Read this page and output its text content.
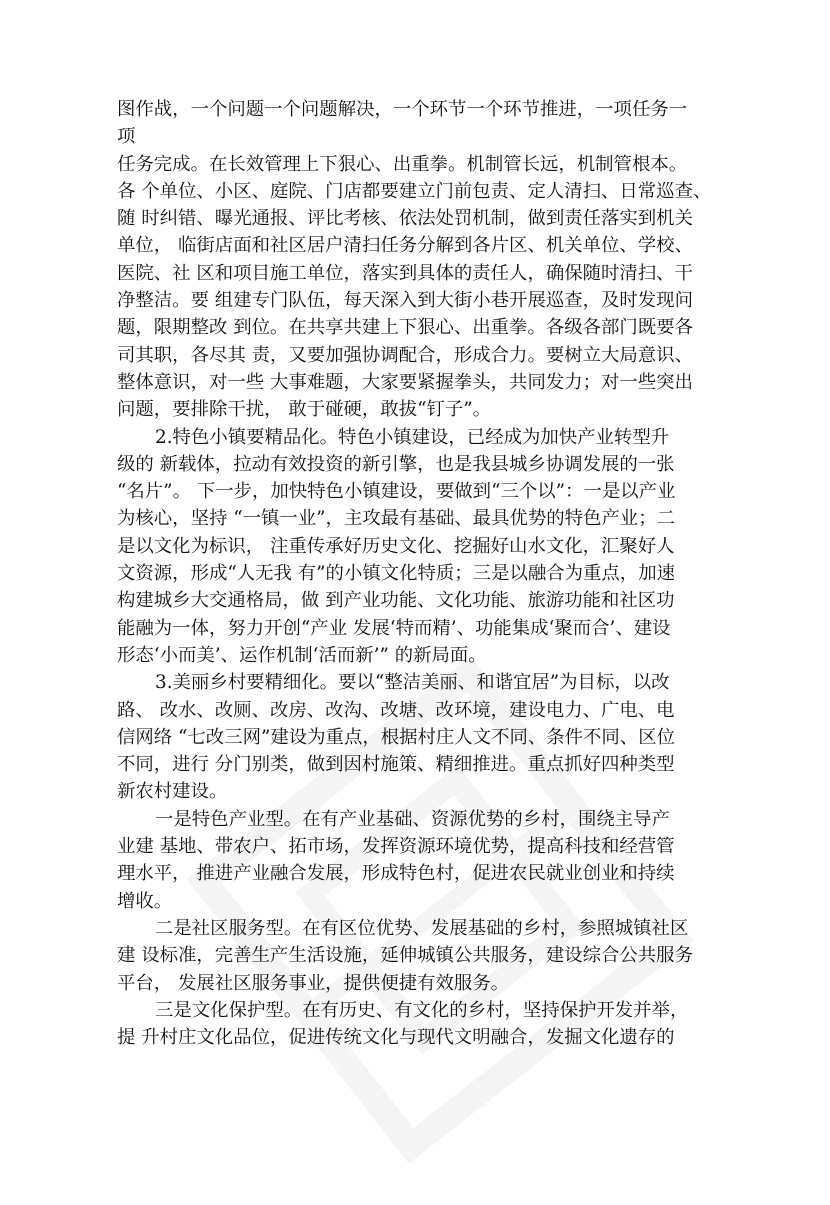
图作战，一个问题一个问题解决，一个环节一个环节推进，一项任务一
项
任务完成。在长效管理上下狠心、出重拳。机制管长远，机制管根本。
各 个单位、小区、庭院、门店都要建立门前包责、定人清扫、日常巡查、
随 时纠错、曝光通报、评比考核、依法处罚机制，做到责任落实到机关
单位， 临街店面和社区居户清扫任务分解到各片区、机关单位、学校、
医院、社 区和项目施工单位，落实到具体的责任人，确保随时清扫、干
净整洁。要 组建专门队伍，每天深入到大街小巷开展巡查，及时发现问
题，限期整改 到位。在共享共建上下狠心、出重拳。各级各部门既要各
司其职，各尽其 责，又要加强协调配合，形成合力。要树立大局意识、
整体意识，对一些 大事难题，大家要紧握拳头，共同发力；对一些突出
问题，要排除干扰， 敢于碰硬，敢拔“钉子”。
2.特色小镇要精品化。特色小镇建设，已经成为加快产业转型升
级的 新载体，拉动有效投资的新引擎，也是我县城乡协调发展的一张
“名片”。 下一步，加快特色小镇建设，要做到“三个以”：一是以产业
为核心，坚持 “一镇一业”，主攻最有基础、最具优势的特色产业；二
是以文化为标识， 注重传承好历史文化、挖掘好山水文化，汇聚好人
文资源，形成“人无我 有”的小镇文化特质；三是以融合为重点，加速
构建城乡大交通格局，做 到产业功能、文化功能、旅游功能和社区功
能融为一体，努力开创“产业 发展‘特而精’、功能集成‘聚而合’、建设
形态‘小而美’、运作机制‘活而新’” 的新局面。
3.美丽乡村要精细化。要以“整洁美丽、和谐宜居”为目标，以改
路、 改水、改厕、改房、改沟、改塘、改环境，建设电力、广电、电
信网络 “七改三网”建设为重点，根据村庄人文不同、条件不同、区位
不同，进行 分门别类，做到因村施策、精细推进。重点抓好四种类型
新农村建设。
一是特色产业型。在有产业基础、资源优势的乡村，围绕主导产
业建 基地、带农户、拓市场，发挥资源环境优势，提高科技和经营管
理水平， 推进产业融合发展，形成特色村，促进农民就业创业和持续
增收。
二是社区服务型。在有区位优势、发展基础的乡村，参照城镇社区
建 设标准，完善生产生活设施，延伸城镇公共服务，建设综合公共服务
平台， 发展社区服务事业，提供便捷有效服务。
三是文化保护型。在有历史、有文化的乡村，坚持保护开发并举，
提 升村庄文化品位，促进传统文化与现代文明融合，发掘文化遗存的
